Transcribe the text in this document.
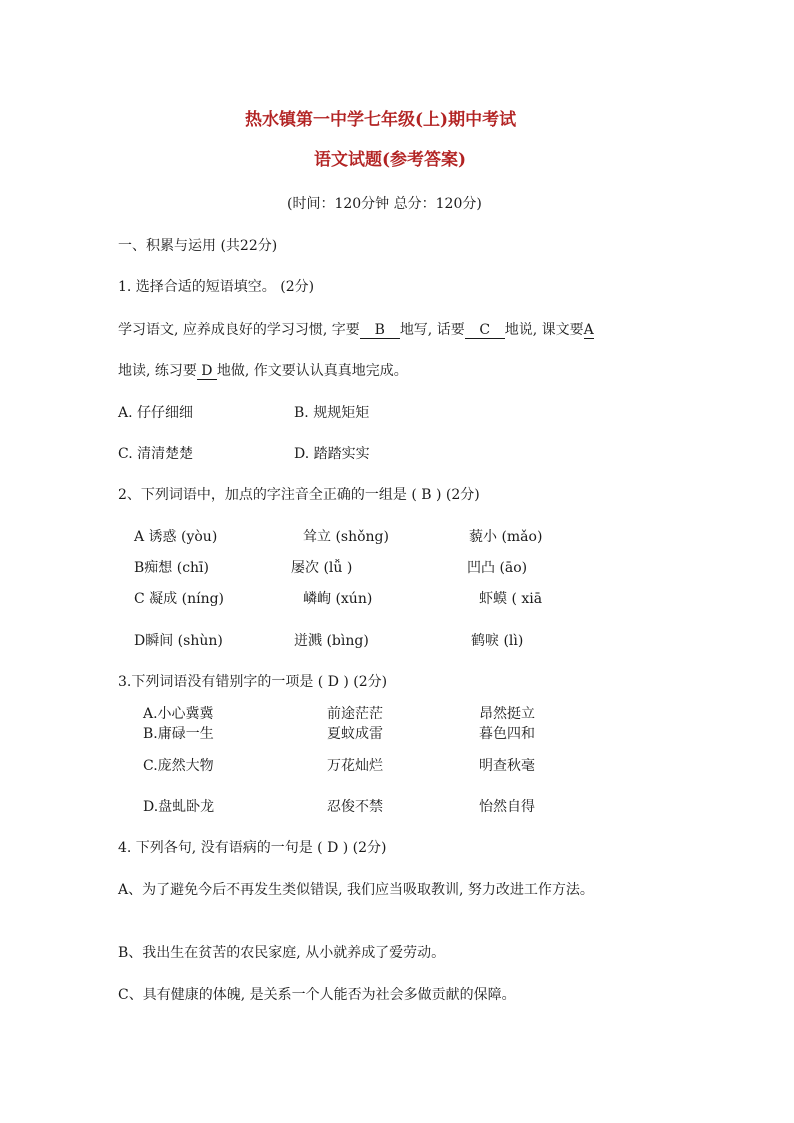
热水镇第一中学七年级(上)期中考试
语文试题(参考答案)
(时间：120分钟 总分：120分)
一、积累与运用 (共22分)
1. 选择合适的短语填空。 (2分)
学习语文, 应养成良好的学习习惯, 字要 B 地写, 话要 C 地说, 课文要A
地读, 练习要 D 地做, 作文要认认真真地完成。
A. 仔仔细细	B. 规规矩矩
C. 清清楚楚	D. 踏踏实实
2、下列词语中，加点的字注音全正确的一组是 ( B ) (2分)
A 诱惑 (yòu)	耸立 (shǒng)	藐小 (mǎo)
B痴想 (chī)	屡次 (lǚ )	凹凸 (āo)
C 凝成 (níng)	嶙峋 (xún)	虾蟆 ( xiā
D瞬间 (shùn)	迸溅 (bìng)	鹤唳 (lì)
3.下列词语没有错别字的一项是 ( D ) (2分)
A.小心冀冀	前途茫茫	昂然挺立
B.庸碌一生	夏蚊成雷	暮色四和
C.庞然大物	万花灿烂	明查秋毫
D.盘虬卧龙	忍俊不禁	怡然自得
4. 下列各句, 没有语病的一句是 ( D ) (2分)
A、为了避免今后不再发生类似错误, 我们应当吸取教训, 努力改进工作方法。
B、我出生在贫苦的农民家庭, 从小就养成了爱劳动。
C、具有健康的体魄, 是关系一个人能否为社会多做贡献的保障。
